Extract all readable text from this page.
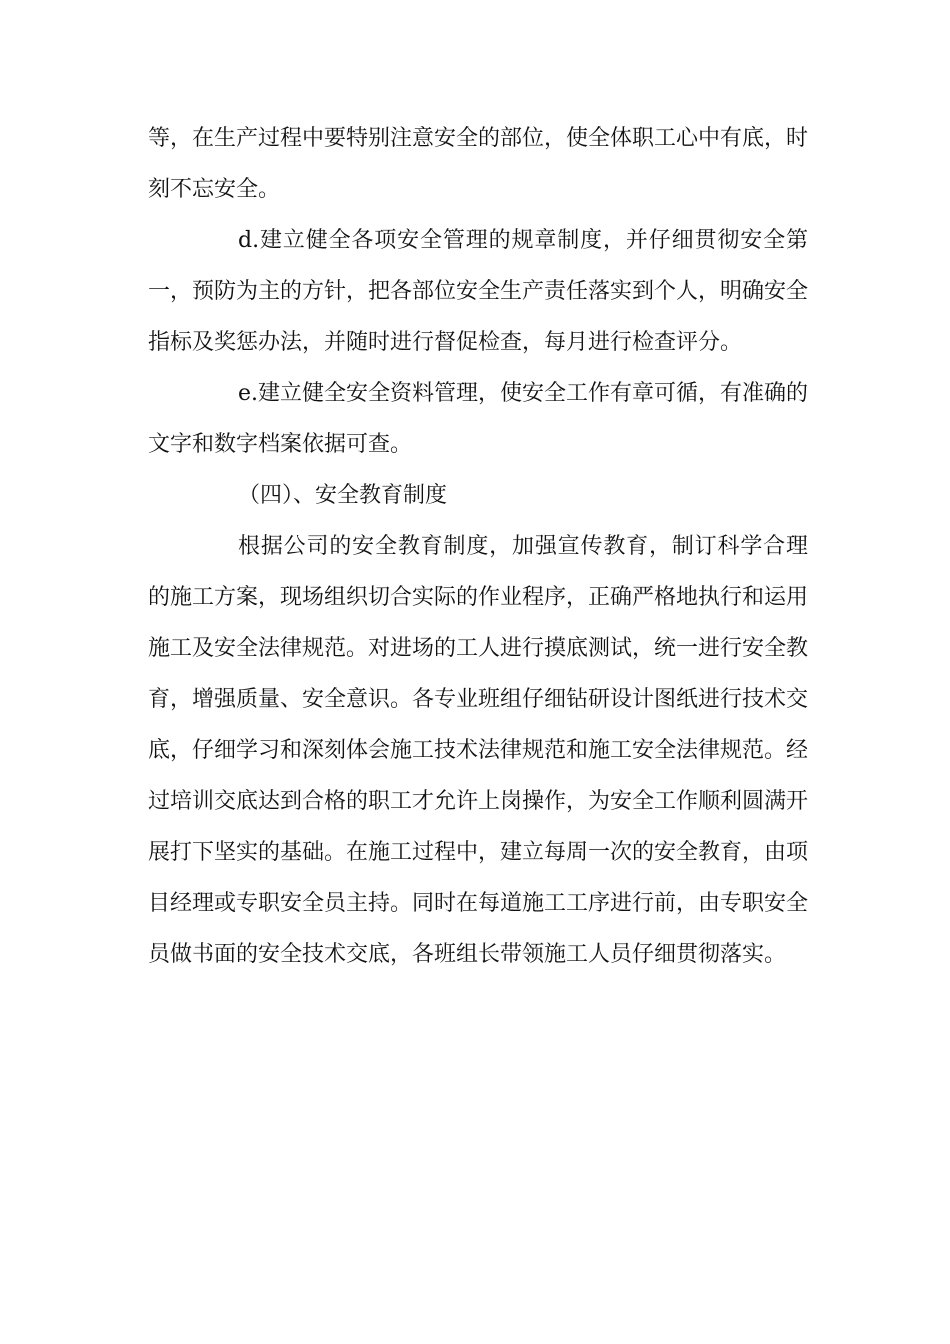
等，在生产过程中要特别注意安全的部位，使全体职工心中有底，时刻不忘安全。

d.建立健全各项安全管理的规章制度，并仔细贯彻安全第一，预防为主的方针，把各部位安全生产责任落实到个人，明确安全指标及奖惩办法，并随时进行督促检查，每月进行检查评分。

e.建立健全安全资料管理，使安全工作有章可循，有准确的文字和数字档案依据可查。

（四）、安全教育制度

根据公司的安全教育制度，加强宣传教育，制订科学合理的施工方案，现场组织切合实际的作业程序，正确严格地执行和运用施工及安全法律规范。对进场的工人进行摸底测试，统一进行安全教育，增强质量、安全意识。各专业班组仔细钻研设计图纸进行技术交底，仔细学习和深刻体会施工技术法律规范和施工安全法律规范。经过培训交底达到合格的职工才允许上岗操作，为安全工作顺利圆满开展打下坚实的基础。在施工过程中，建立每周一次的安全教育，由项目经理或专职安全员主持。同时在每道施工工序进行前，由专职安全员做书面的安全技术交底，各班组长带领施工人员仔细贯彻落实。
